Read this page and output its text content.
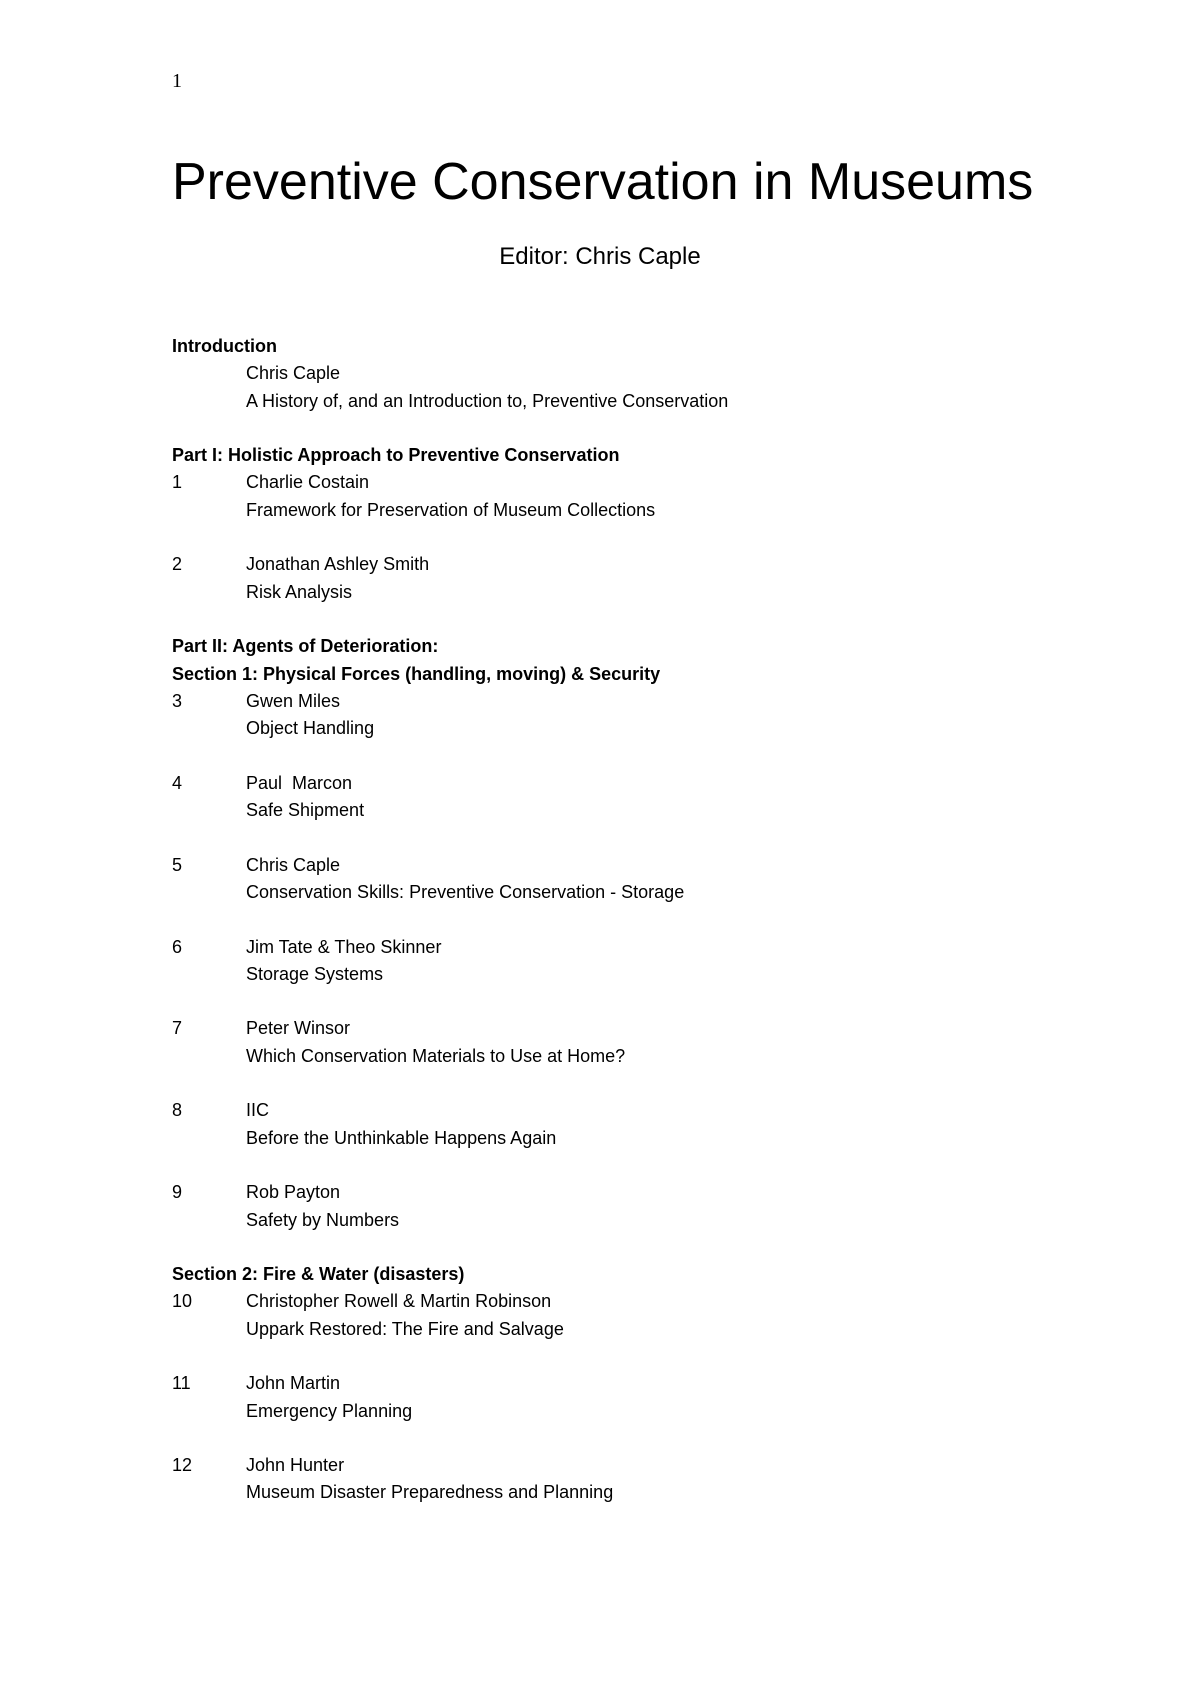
1
Preventive Conservation in Museums
Editor: Chris Caple
Introduction
Chris Caple
A History of, and an Introduction to, Preventive Conservation
Part I: Holistic Approach to Preventive Conservation
1	Charlie Costain
Framework for Preservation of Museum Collections
2	Jonathan Ashley Smith
Risk Analysis
Part II: Agents of Deterioration:
Section 1: Physical Forces (handling, moving) & Security
3	Gwen Miles
Object Handling
4	Paul  Marcon
Safe Shipment
5	Chris Caple
Conservation Skills: Preventive Conservation - Storage
6	Jim Tate & Theo Skinner
Storage Systems
7	Peter Winsor
Which Conservation Materials to Use at Home?
8	IIC
Before the Unthinkable Happens Again
9	Rob Payton
Safety by Numbers
Section 2: Fire & Water (disasters)
10	Christopher Rowell & Martin Robinson
Uppark Restored: The Fire and Salvage
11	John Martin
Emergency Planning
12	John Hunter
Museum Disaster Preparedness and Planning
